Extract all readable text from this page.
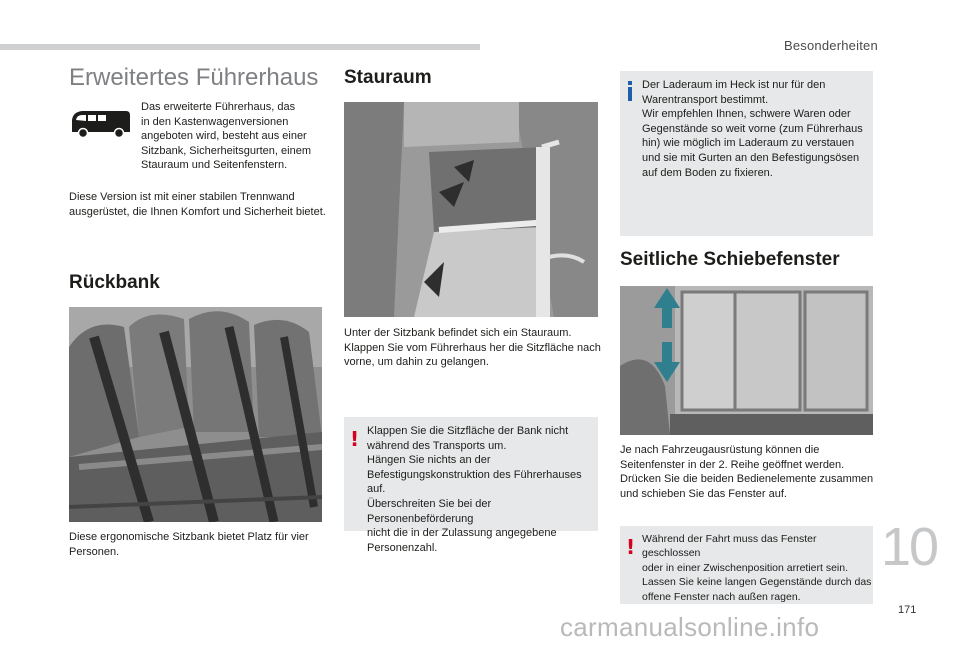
Besonderheiten
Erweitertes Führerhaus
Das erweiterte Führerhaus, das
in den Kastenwagenversionen
angeboten wird, besteht aus einer
Sitzbank, Sicherheitsgurten, einem
Stauraum und Seitenfenstern.
Diese Version ist mit einer stabilen Trennwand
ausgerüstet, die Ihnen Komfort und Sicherheit bietet.
Rückbank
Diese ergonomische Sitzbank bietet Platz für vier
Personen.
Stauraum
Unter der Sitzbank befindet sich ein Stauraum.
Klappen Sie vom Führerhaus her die Sitzfläche nach
vorne, um dahin zu gelangen.
! Klappen Sie die Sitzfläche der Bank nicht
während des Transports um.
Hängen Sie nichts an der
Befestigungskonstruktion des Führerhauses auf.
Überschreiten Sie bei der Personenbeförderung
nicht die in der Zulassung angegebene
Personenzahl.
Der Laderaum im Heck ist nur für den
Warentransport bestimmt.
Wir empfehlen Ihnen, schwere Waren oder
Gegenstände so weit vorne (zum Führerhaus
hin) wie möglich im Laderaum zu verstauen
und sie mit Gurten an den Befestigungsösen
auf dem Boden zu fixieren.
Seitliche Schiebefenster
Je nach Fahrzeugausrüstung können die
Seitenfenster in der 2. Reihe geöffnet werden.
Drücken Sie die beiden Bedienelemente zusammen
und schieben Sie das Fenster auf.
! Während der Fahrt muss das Fenster geschlossen
oder in einer Zwischenposition arretiert sein.
Lassen Sie keine langen Gegenstände durch das
offene Fenster nach außen ragen.
10
171
carmanualsonline.info
